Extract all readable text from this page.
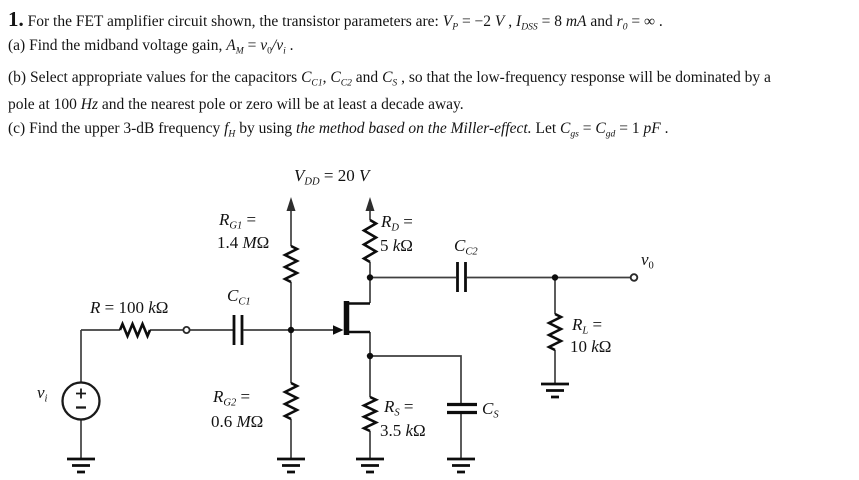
1. For the FET amplifier circuit shown, the transistor parameters are: $V_P = -2$ V , $I_{DSS} = 8$ mA and $r_0$ = ∞ .
(a) Find the midband voltage gain, $A_M = v_0/v_i$ .
(b) Select appropriate values for the capacitors $C_{C1}$, $C_{C2}$ and $C_S$ , so that the low-frequency response will be dominated by a
pole at 100 Hz and the nearest pole or zero will be at least a decade away.
(c) Find the upper 3-dB frequency $f_H$ by using the method based on the Miller-effect. Let $C_{gs} = C_{gd} = 1$ pF .
$V_{DD} = 20$ V
$R_{G1}$ =
1.4 MΩ
$R_D$ =
5 kΩ
$C_{C1}$
$C_{C2}$
$C_S$
R = 100 kΩ
$R_{G2}$ =
0.6 MΩ
$R_S$ =
3.5 kΩ
$R_L$ =
10 kΩ
$v_0$
$v_i$
